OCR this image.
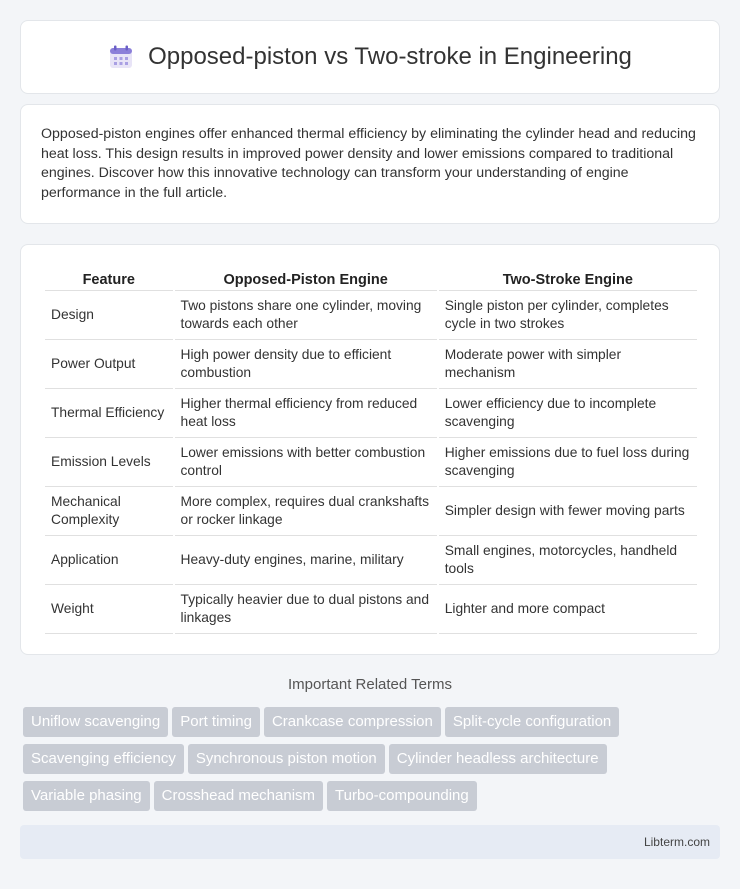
Opposed-piston vs Two-stroke in Engineering

Opposed-piston engines offer enhanced thermal efficiency by eliminating the cylinder head and reducing heat loss. This design results in improved power density and lower emissions compared to traditional engines. Discover how this innovative technology can transform your understanding of engine performance in the full article.

Feature	Opposed-Piston Engine	Two-Stroke Engine
Design	Two pistons share one cylinder, moving towards each other	Single piston per cylinder, completes cycle in two strokes
Power Output	High power density due to efficient combustion	Moderate power with simpler mechanism
Thermal Efficiency	Higher thermal efficiency from reduced heat loss	Lower efficiency due to incomplete scavenging
Emission Levels	Lower emissions with better combustion control	Higher emissions due to fuel loss during scavenging
Mechanical Complexity	More complex, requires dual crankshafts or rocker linkage	Simpler design with fewer moving parts
Application	Heavy-duty engines, marine, military	Small engines, motorcycles, handheld tools
Weight	Typically heavier due to dual pistons and linkages	Lighter and more compact
Important Related Terms
Uniflow scavenging Port timing Crankcase compression Split-cycle configuration
Scavenging efficiency Synchronous piston motion Cylinder headless architecture
Variable phasing Crosshead mechanism Turbo-compounding
Libterm.com
